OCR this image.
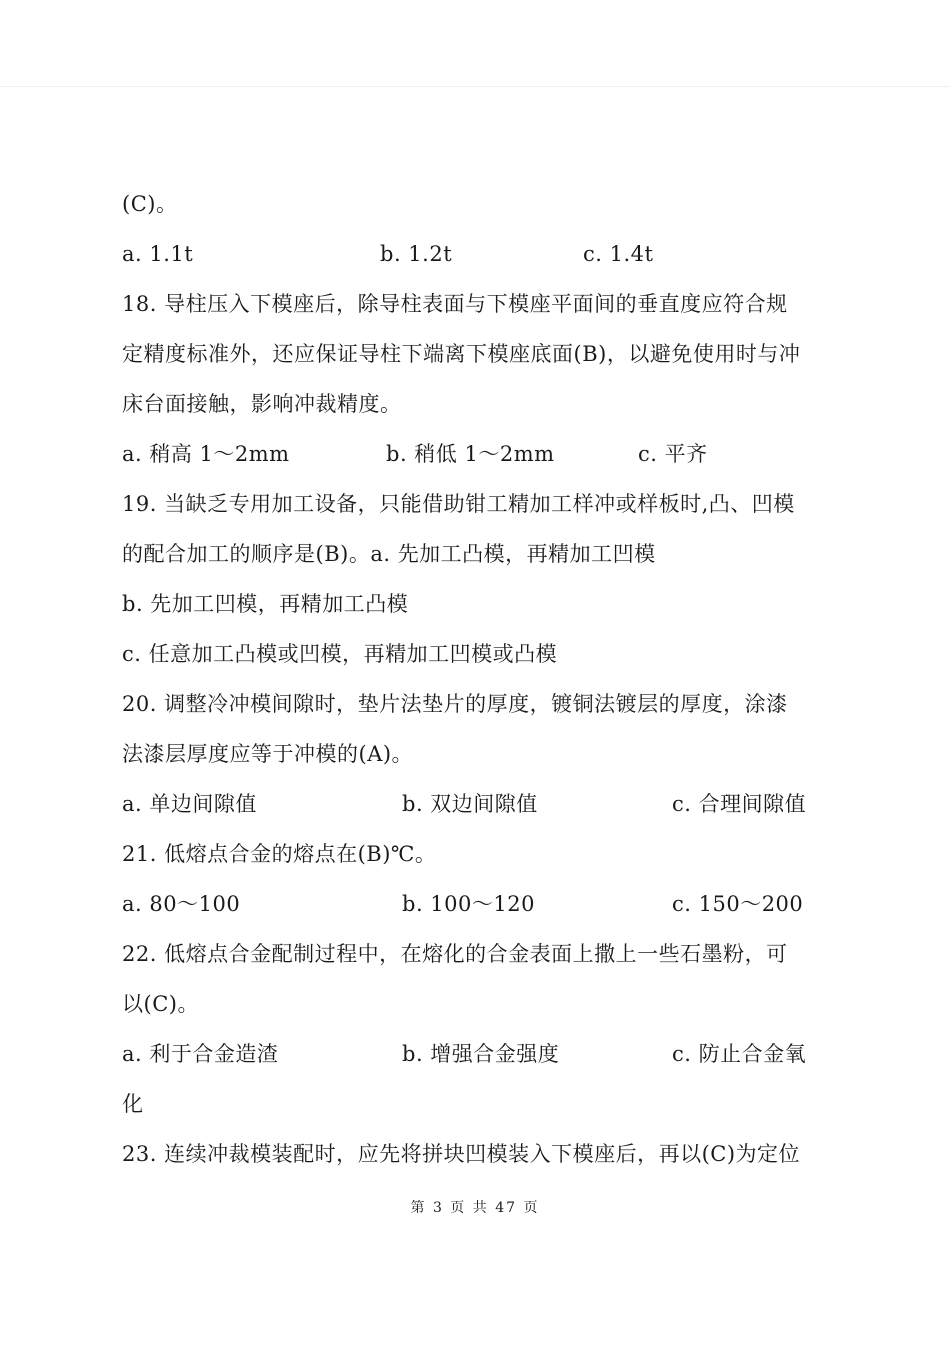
(C)。
a. 1.1t	b. 1.2t	c. 1.4t
18. 导柱压入下模座后，除导柱表面与下模座平面间的垂直度应符合规
定精度标准外，还应保证导柱下端离下模座底面(B)，以避免使用时与冲
床台面接触，影响冲裁精度。
a. 稍高 1～2mm	b. 稍低 1～2mm	c. 平齐
19. 当缺乏专用加工设备，只能借助钳工精加工样冲或样板时,凸、凹模
的配合加工的顺序是(B)。a. 先加工凸模，再精加工凹模
b. 先加工凹模，再精加工凸模
c. 任意加工凸模或凹模，再精加工凹模或凸模
20. 调整冷冲模间隙时，垫片法垫片的厚度，镀铜法镀层的厚度，涂漆
法漆层厚度应等于冲模的(A)。
a. 单边间隙值	b. 双边间隙值	c. 合理间隙值
21. 低熔点合金的熔点在(B)℃。
a. 80～100	b. 100～120	c. 150～200
22. 低熔点合金配制过程中，在熔化的合金表面上撒上一些石墨粉，可
以(C)。
a. 利于合金造渣	b. 增强合金强度	c. 防止合金氧
化
23. 连续冲裁模装配时，应先将拼块凹模装入下模座后，再以(C)为定位
第 3 页 共 47 页
